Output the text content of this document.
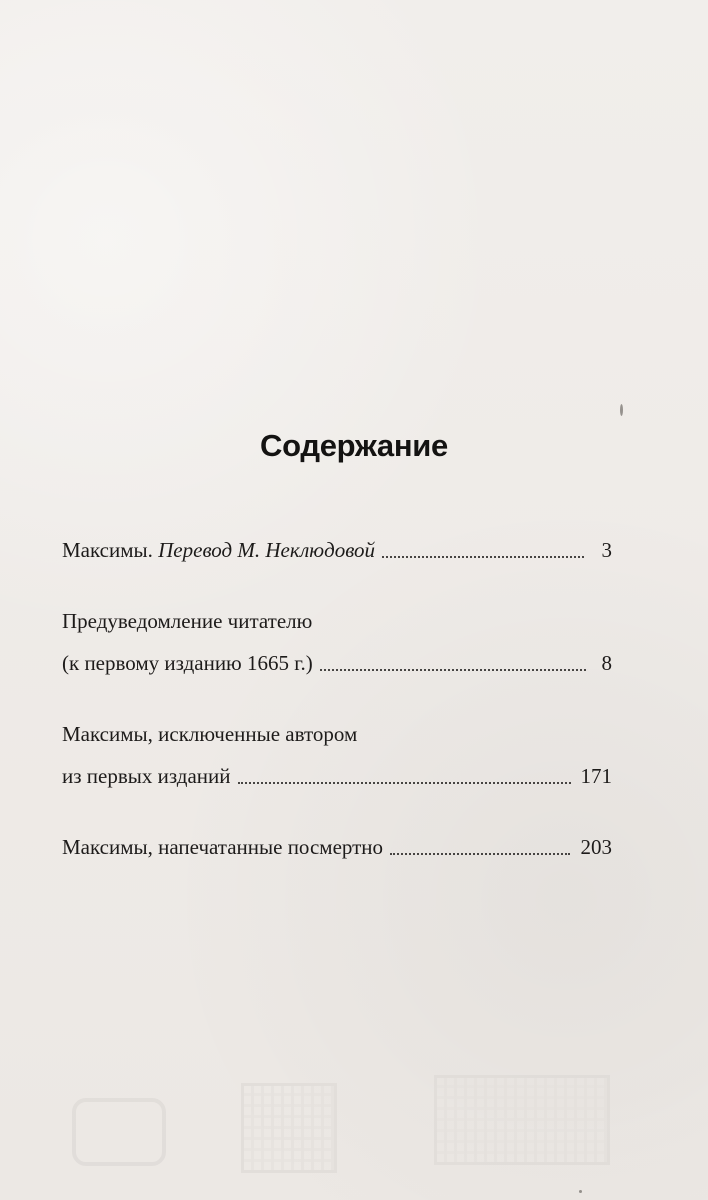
Содержание
Максимы. Перевод М. Неклюдовой	3
Предуведомление читателю
(к первому изданию 1665 г.)	8
Максимы, исключенные автором
из первых изданий	171
Максимы, напечатанные посмертно	203
